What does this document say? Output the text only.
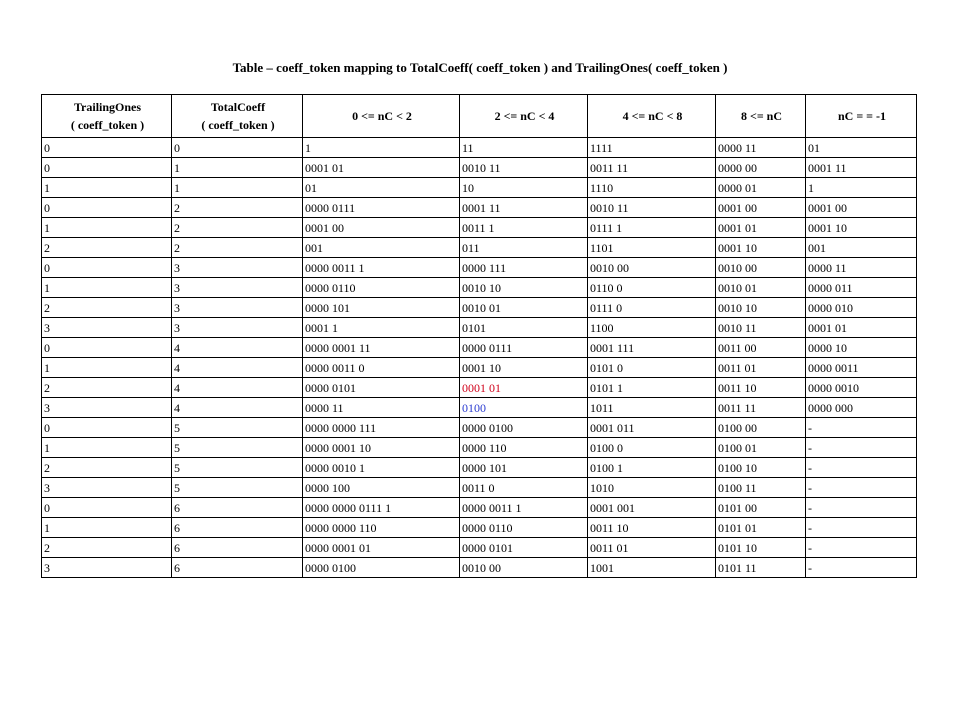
Table – coeff_token mapping to TotalCoeff( coeff_token ) and TrailingOnes( coeff_token )
TrailingOnes
( coeff_token )	TotalCoeff
( coeff_token )	0 <= nC < 2	2 <= nC < 4	4 <= nC < 8	8 <= nC	nC = = -1
0	0	1	11	1111	0000 11	01
0	1	0001 01	0010 11	0011 11	0000 00	0001 11
1	1	01	10	1110	0000 01	1
0	2	0000 0111	0001 11	0010 11	0001 00	0001 00
1	2	0001 00	0011 1	0111 1	0001 01	0001 10
2	2	001	011	1101	0001 10	001
0	3	0000 0011 1	0000 111	0010 00	0010 00	0000 11
1	3	0000 0110	0010 10	0110 0	0010 01	0000 011
2	3	0000 101	0010 01	0111 0	0010 10	0000 010
3	3	0001 1	0101	1100	0010 11	0001 01
0	4	0000 0001 11	0000 0111	0001 111	0011 00	0000 10
1	4	0000 0011 0	0001 10	0101 0	0011 01	0000 0011
2	4	0000 0101	0001 01	0101 1	0011 10	0000 0010
3	4	0000 11	0100	1011	0011 11	0000 000
0	5	0000 0000 111	0000 0100	0001 011	0100 00	-
1	5	0000 0001 10	0000 110	0100 0	0100 01	-
2	5	0000 0010 1	0000 101	0100 1	0100 10	-
3	5	0000 100	0011 0	1010	0100 11	-
0	6	0000 0000 0111 1	0000 0011 1	0001 001	0101 00	-
1	6	0000 0000 110	0000 0110	0011 10	0101 01	-
2	6	0000 0001 01	0000 0101	0011 01	0101 10	-
3	6	0000 0100	0010 00	1001	0101 11	-
